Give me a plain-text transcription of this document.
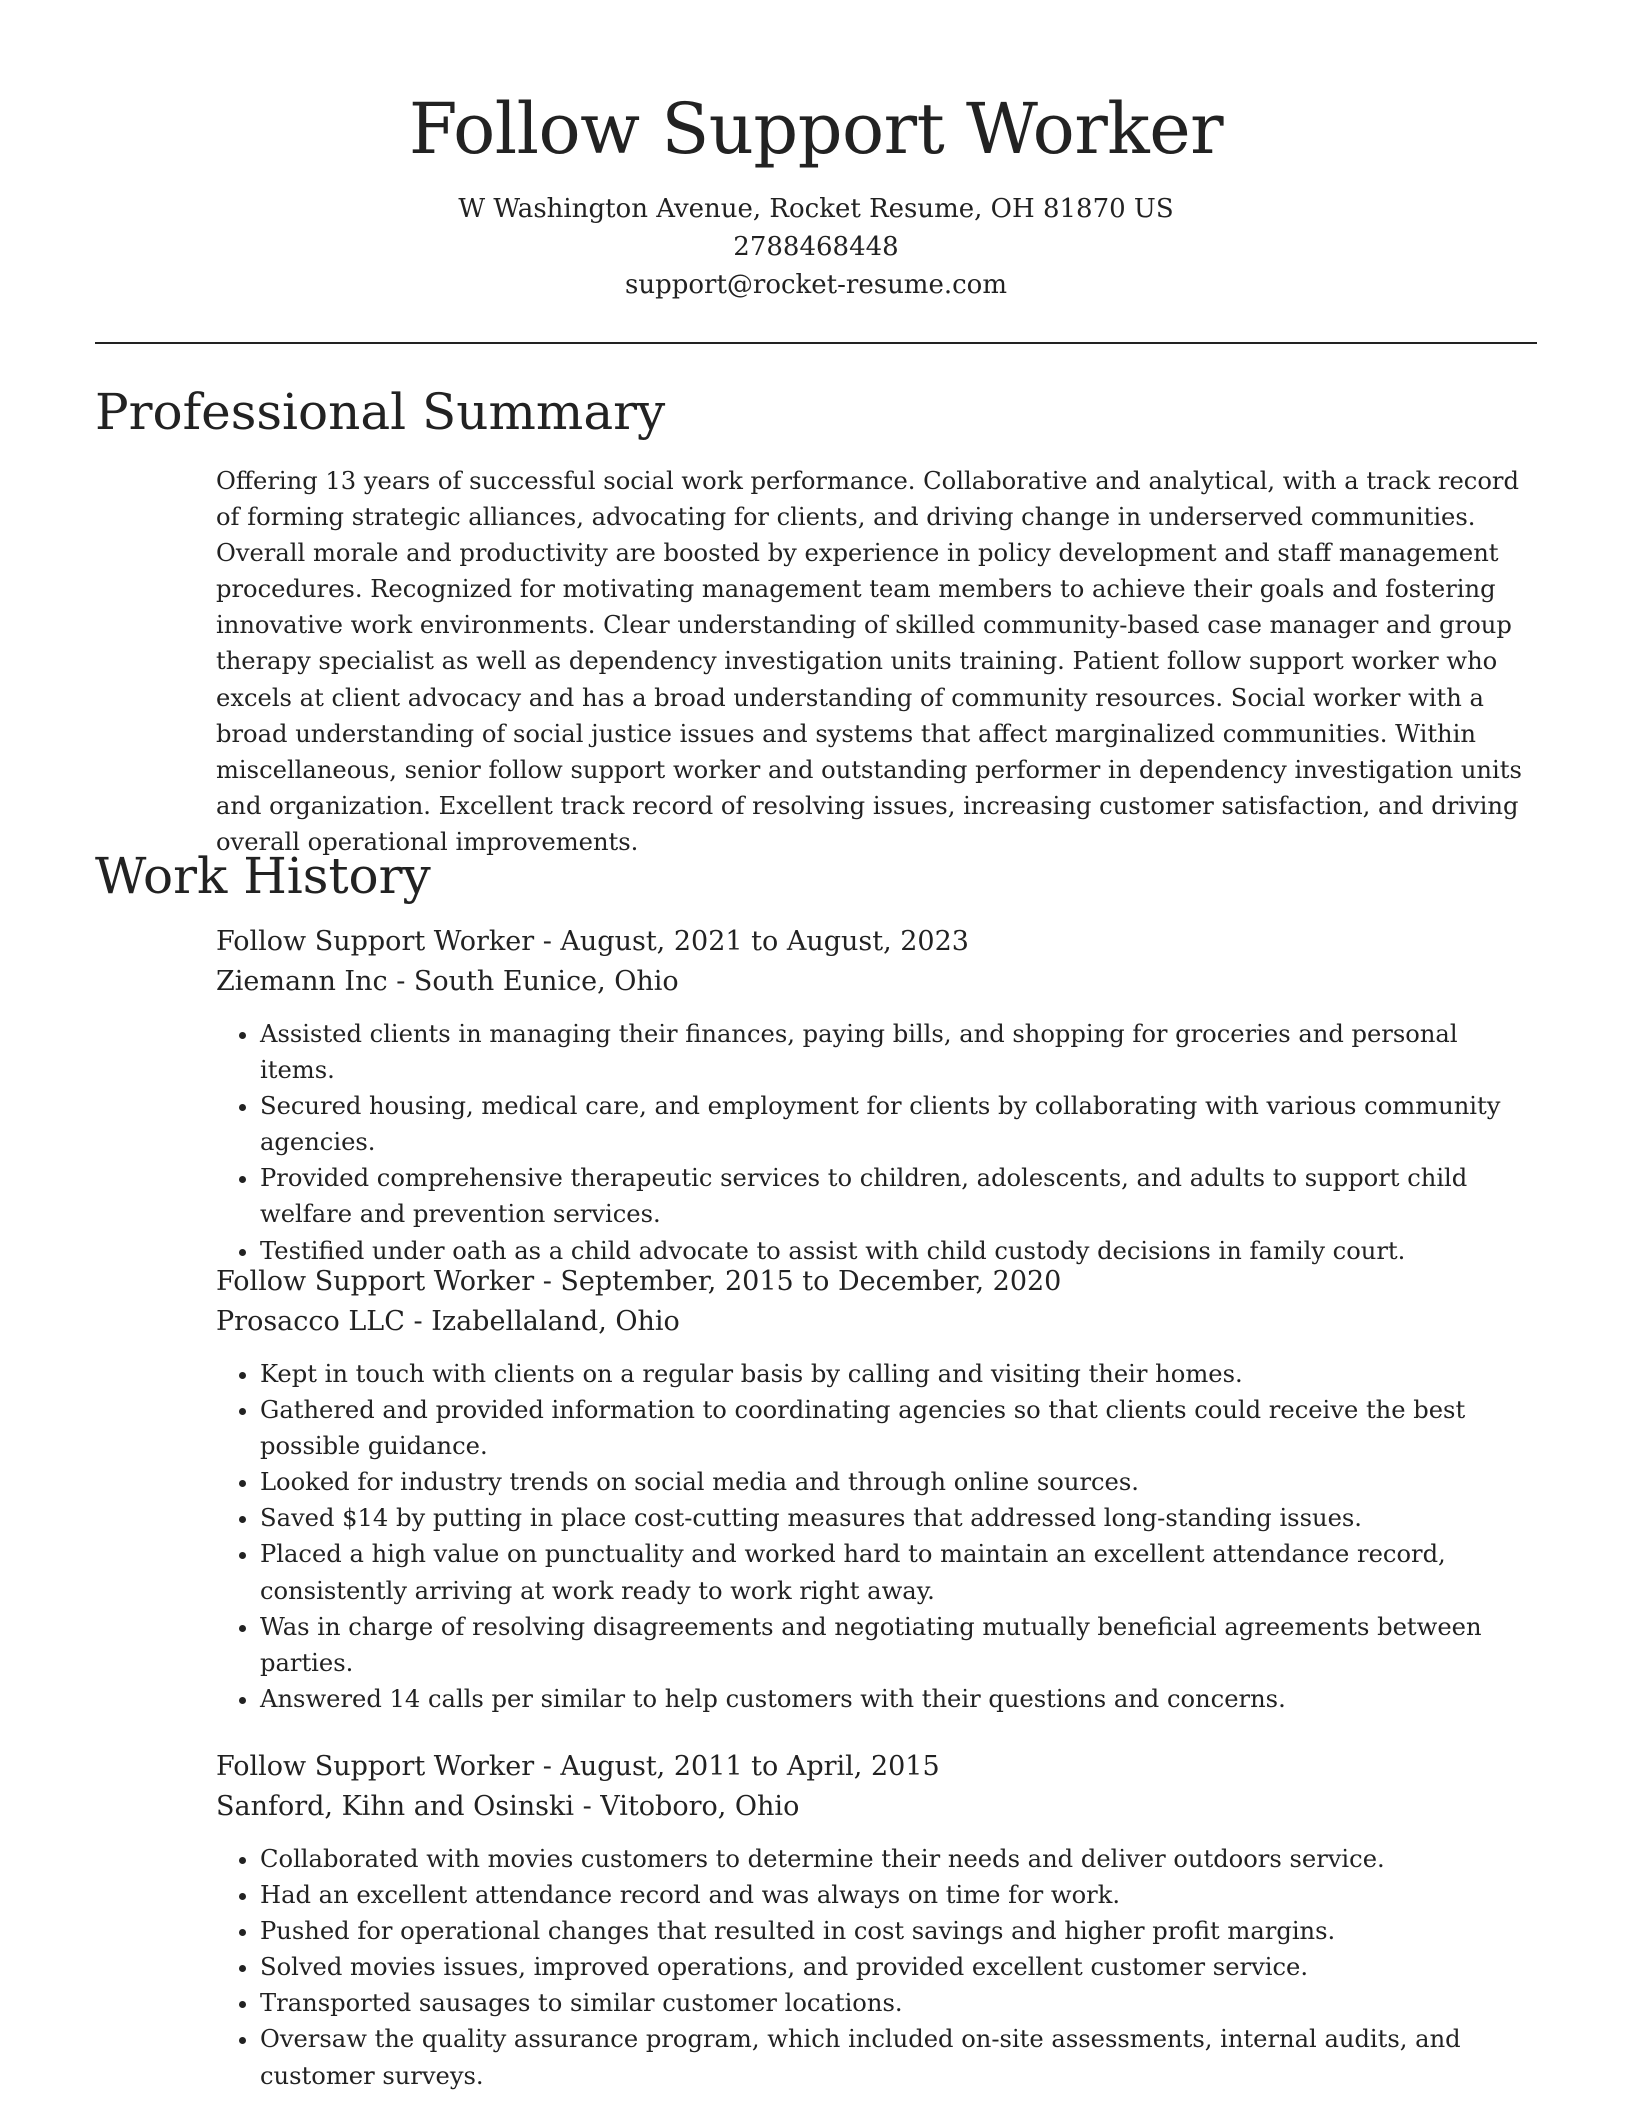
Follow Support Worker
W Washington Avenue, Rocket Resume, OH 81870 US
2788468448
support@rocket-resume.com
Professional Summary

Offering 13 years of successful social work performance. Collaborative and analytical, with a track record of forming strategic alliances, advocating for clients, and driving change in underserved communities. Overall morale and productivity are boosted by experience in policy development and staff management procedures. Recognized for motivating management team members to achieve their goals and fostering innovative work environments. Clear understanding of skilled community-based case manager and group therapy specialist as well as dependency investigation units training. Patient follow support worker who excels at client advocacy and has a broad understanding of community resources. Social worker with a broad understanding of social justice issues and systems that affect marginalized communities. Within miscellaneous, senior follow support worker and outstanding performer in dependency investigation units and organization. Excellent track record of resolving issues, increasing customer satisfaction, and driving overall operational improvements.

Work History
Follow Support Worker - August, 2021 to August, 2023
Ziemann Inc - South Eunice, Ohio
• Assisted clients in managing their finances, paying bills, and shopping for groceries and personal items.
• Secured housing, medical care, and employment for clients by collaborating with various community agencies.
• Provided comprehensive therapeutic services to children, adolescents, and adults to support child welfare and prevention services.
• Testified under oath as a child advocate to assist with child custody decisions in family court.
Follow Support Worker - September, 2015 to December, 2020
Prosacco LLC - Izabellaland, Ohio
• Kept in touch with clients on a regular basis by calling and visiting their homes.
• Gathered and provided information to coordinating agencies so that clients could receive the best possible guidance.
• Looked for industry trends on social media and through online sources.
• Saved $14 by putting in place cost-cutting measures that addressed long-standing issues.
• Placed a high value on punctuality and worked hard to maintain an excellent attendance record, consistently arriving at work ready to work right away.
• Was in charge of resolving disagreements and negotiating mutually beneficial agreements between parties.
• Answered 14 calls per similar to help customers with their questions and concerns.
Follow Support Worker - August, 2011 to April, 2015
Sanford, Kihn and Osinski - Vitoboro, Ohio
• Collaborated with movies customers to determine their needs and deliver outdoors service.
• Had an excellent attendance record and was always on time for work.
• Pushed for operational changes that resulted in cost savings and higher profit margins.
• Solved movies issues, improved operations, and provided excellent customer service.
• Transported sausages to similar customer locations.
• Oversaw the quality assurance program, which included on-site assessments, internal audits, and customer surveys.
